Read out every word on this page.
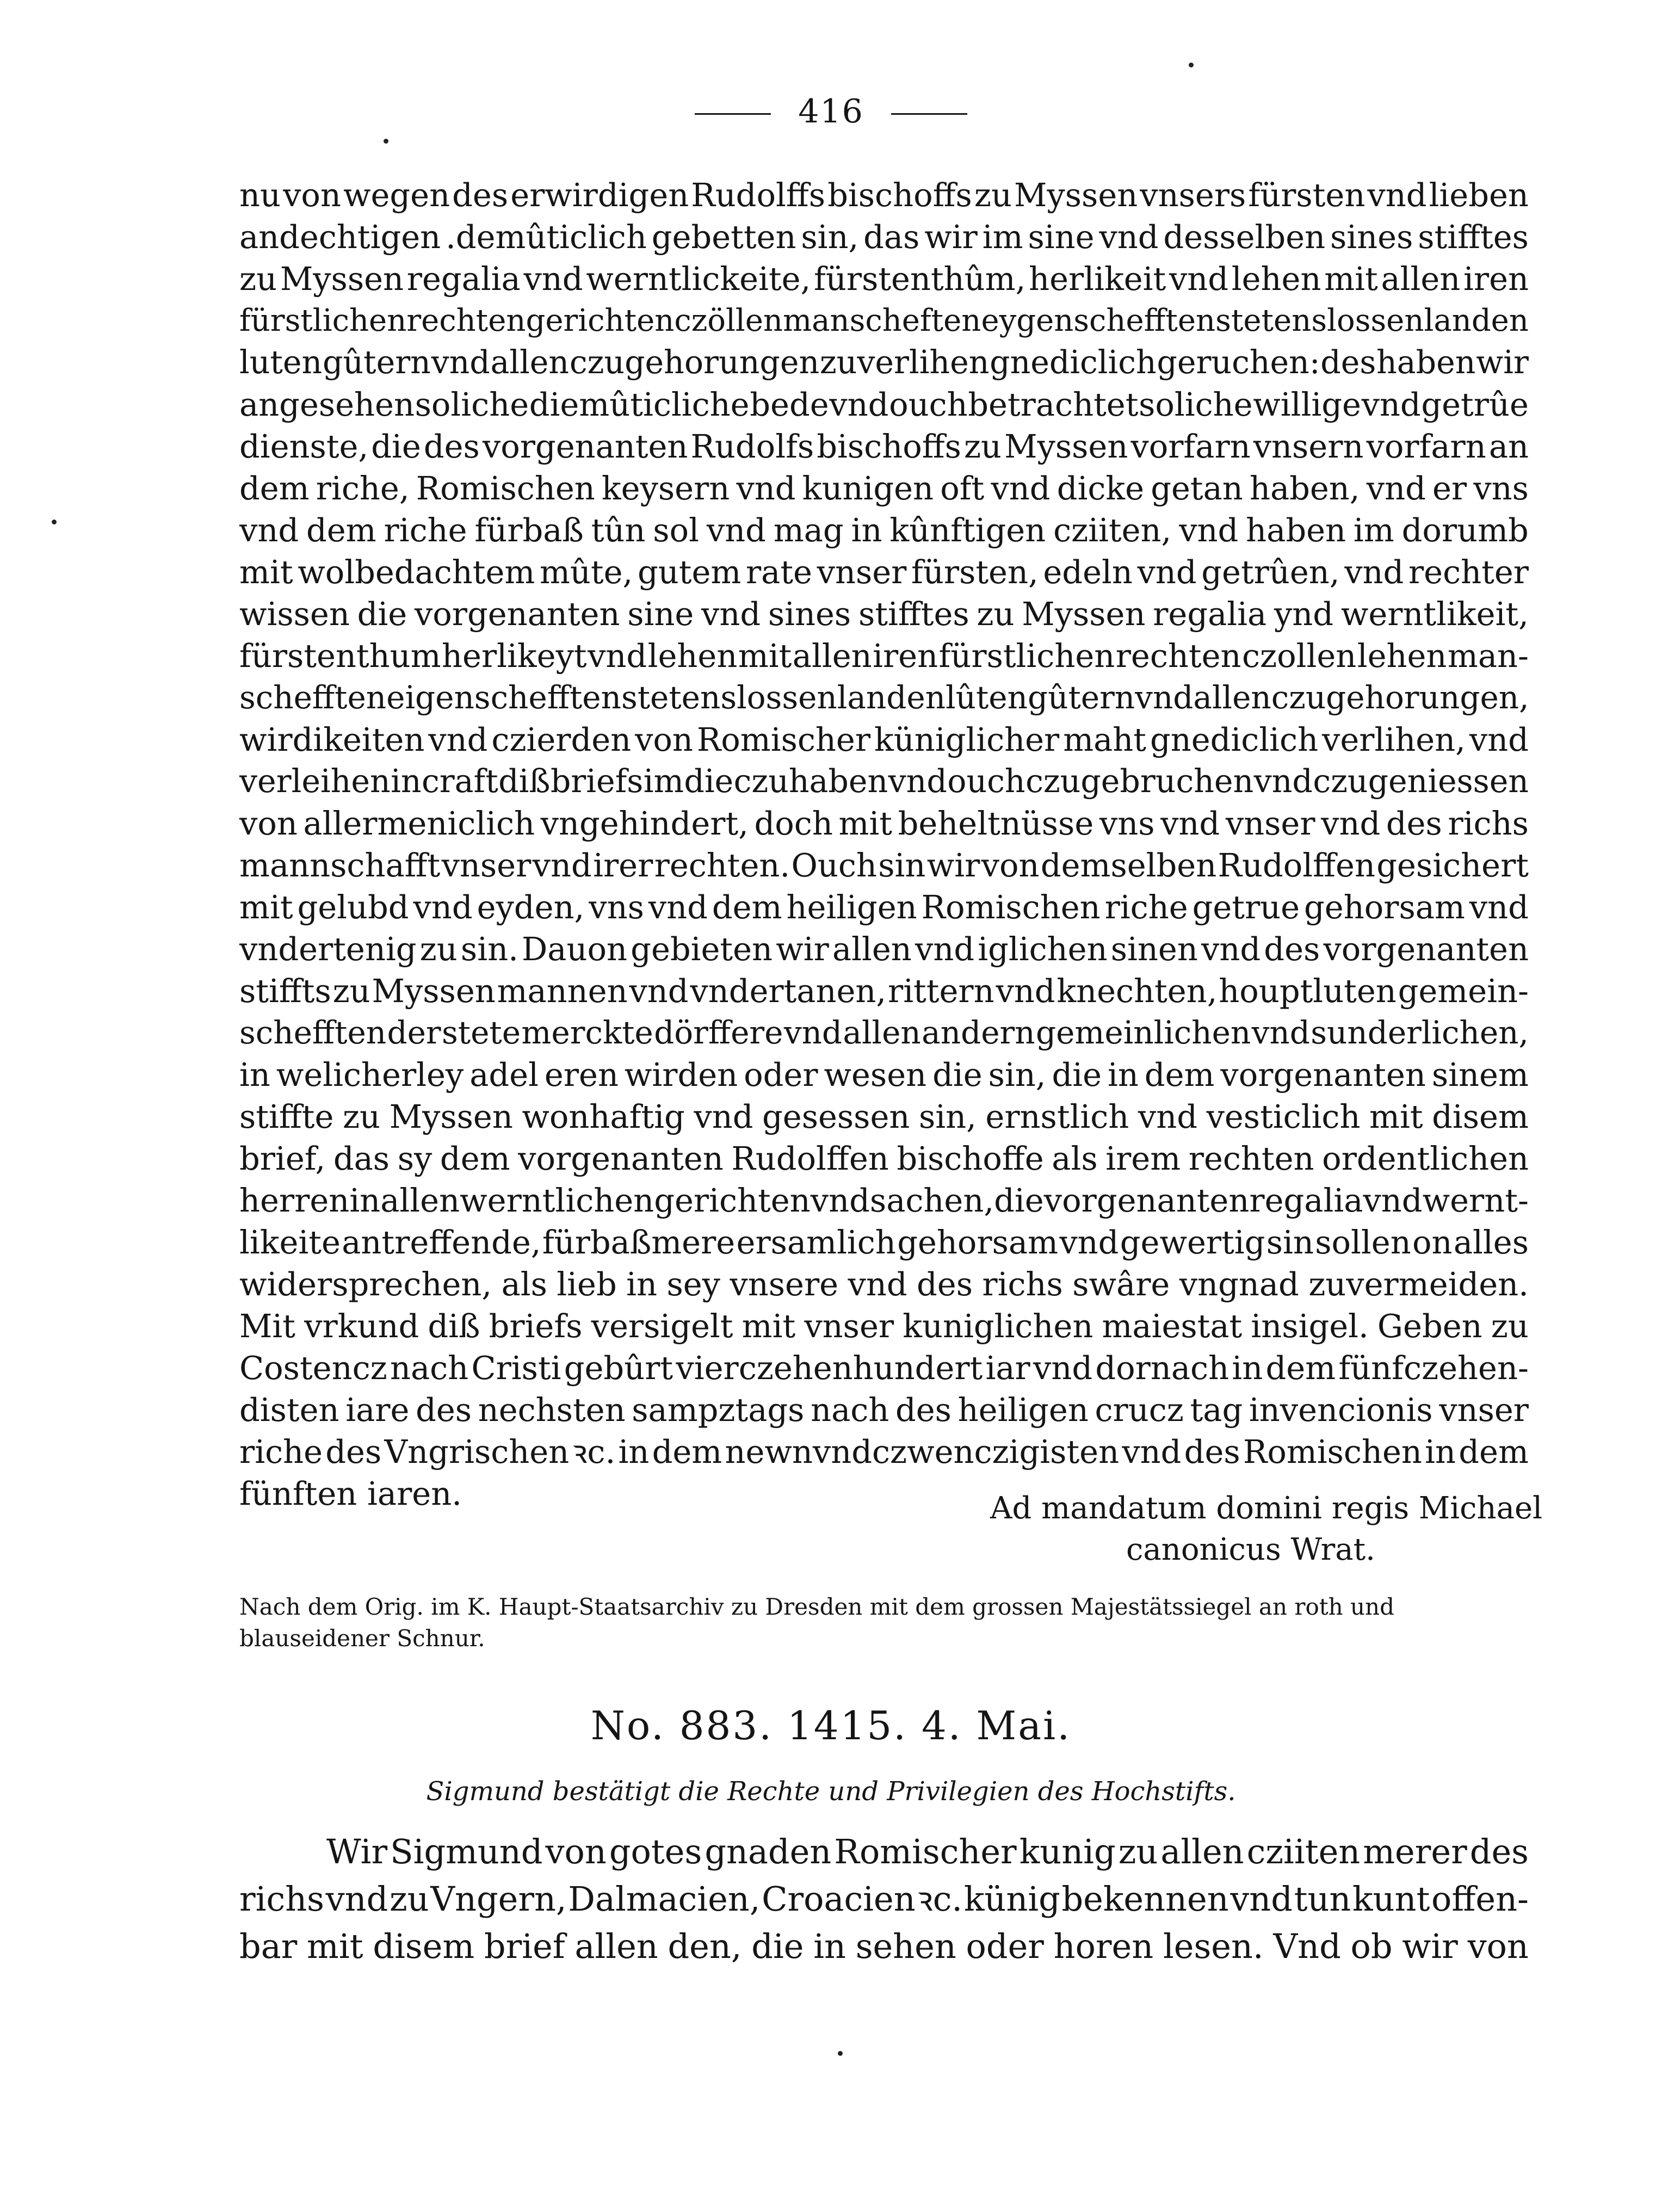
416
nu von wegen des erwirdigen Rudolffs bischoffs zu Myssen vnsers fürsten vnd lieben
andechtigen .demûticlich gebetten sin, das wir im sine vnd desselben sines stifftes
zu Myssen regalia vnd werntlickeite, fürstenthûm, herlikeit vnd lehen mit allen iren
fürstlichen rechten gerichten czöllen manscheften eygenschefften steten slossen landen
luten gûtern vnd allen czugehorungen zuverlihen gnediclich geruchen: des haben wir
angesehen soliche diemûticliche bede vnd ouch betrachtet soliche willige vnd getrûe
dienste, die des vorgenanten Rudolfs bischoffs zu Myssen vorfarn vnsern vorfarn an
dem riche, Romischen keysern vnd kunigen oft vnd dicke getan haben, vnd er vns
vnd dem riche fürbaß tûn sol vnd mag in kûnftigen cziiten, vnd haben im dorumb
mit wolbedachtem mûte, gutem rate vnser fürsten, edeln vnd getrûen, vnd rechter
wissen die vorgenanten sine vnd sines stifftes zu Myssen regalia ynd werntlikeit,
fürstenthum herlikeyt vnd lehen mit allen iren fürstlichen rechten czollen lehen man-
schefften eigenschefften steten slossen landen lûten gûtern vnd allen czugehorungen,
wirdikeiten vnd czierden von Romischer küniglicher maht gnediclich verlihen, vnd
verleihen in craft diß briefs im die czuhaben vnd ouch czugebruchen vnd czugeniessen
von allermeniclich vngehindert, doch mit beheltnüsse vns vnd vnser vnd des richs
mannschafft vnser vnd irer rechten. Ouch sin wir von demselben Rudolffen gesichert
mit gelubd vnd eyden, vns vnd dem heiligen Romischen riche getrue gehorsam vnd
vndertenig zu sin. Dauon gebieten wir allen vnd iglichen sinen vnd des vorgenanten
stiffts zu Myssen mannen vnd vndertanen, rittern vnd knechten, houptluten gemein-
schefften der stete merckte dörffere vnd allen andern gemeinlichen vnd sunderlichen,
in welicherley adel eren wirden oder wesen die sin, die in dem vorgenanten sinem
stiffte zu Myssen wonhaftig vnd gesessen sin, ernstlich vnd vesticlich mit disem
brief, das sy dem vorgenanten Rudolffen bischoffe als irem rechten ordentlichen
herren in allen werntlichen gerichten vnd sachen, die vorgenanten regalia vnd wernt-
likeite antreffende, fürbaßmere ersamlich gehorsam vnd gewertig sin sollen on alles
widersprechen, als lieb in sey vnsere vnd des richs swâre vngnad zuvermeiden.
Mit vrkund diß briefs versigelt mit vnser kuniglichen maiestat insigel. Geben zu
Costencz nach Cristi gebûrt vierczehenhundert iar vnd dornach in dem fünfczehen-
disten iare des nechsten sampztags nach des heiligen crucz tag invencionis vnser
riche des Vngrischen ꝛc. in dem newnvndczwenczigisten vnd des Romischen in dem
fünften iaren.	Ad mandatum domini regis Michael
canonicus Wrat.
Nach dem Orig. im K. Haupt-Staatsarchiv zu Dresden mit dem grossen Majestätssiegel an roth und blauseidener Schnur.
No. 883. 1415. 4. Mai.
Sigmund bestätigt die Rechte und Privilegien des Hochstifts.
Wir Sigmund von gotes gnaden Romischer kunig zu allen cziiten merer des
richs vnd zu Vngern, Dalmacien, Croacien ꝛc. künig bekennen vnd tun kunt offen-
bar mit disem brief allen den, die in sehen oder horen lesen. Vnd ob wir von
